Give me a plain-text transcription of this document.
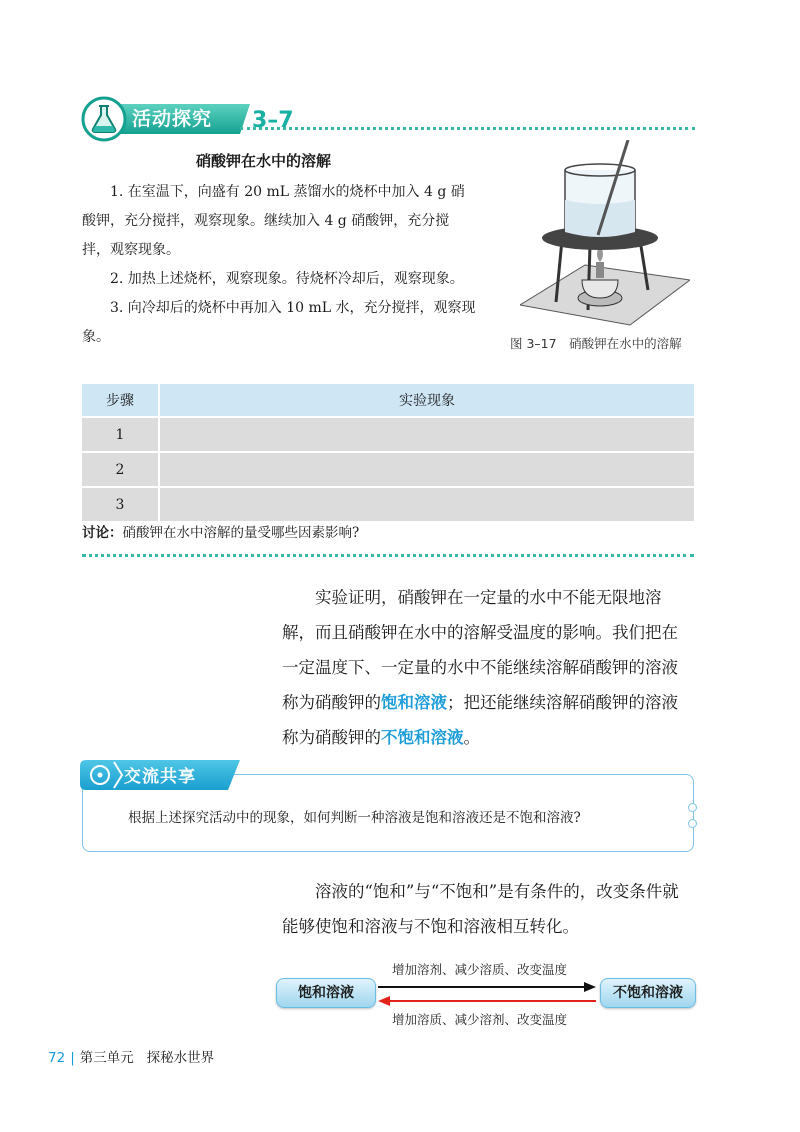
活动探究 3–7
硝酸钾在水中的溶解

1. 在室温下，向盛有 20 mL 蒸馏水的烧杯中加入 4 g 硝酸钾，充分搅拌，观察现象。继续加入 4 g 硝酸钾，充分搅拌，观察现象。

2. 加热上述烧杯，观察现象。待烧杯冷却后，观察现象。

3. 向冷却后的烧杯中再加入 10 mL 水，充分搅拌，观察现象。	图 3–17　硝酸钾在水中的溶解
步骤	实验现象
1	
2	
3	
讨论：硝酸钾在水中溶解的量受哪些因素影响?

实验证明，硝酸钾在一定量的水中不能无限地溶解，而且硝酸钾在水中的溶解受温度的影响。我们把在一定温度下、一定量的水中不能继续溶解硝酸钾的溶液称为硝酸钾的饱和溶液；把还能继续溶解硝酸钾的溶液称为硝酸钾的不饱和溶液。

交流共享
根据上述探究活动中的现象，如何判断一种溶液是饱和溶液还是不饱和溶液?

溶液的“饱和”与“不饱和”是有条件的，改变条件就能够使饱和溶液与不饱和溶液相互转化。

增加溶剂、减少溶质、改变温度
饱和溶液	不饱和溶液
增加溶质、减少溶剂、改变温度
72 | 第三单元 探秘水世界
